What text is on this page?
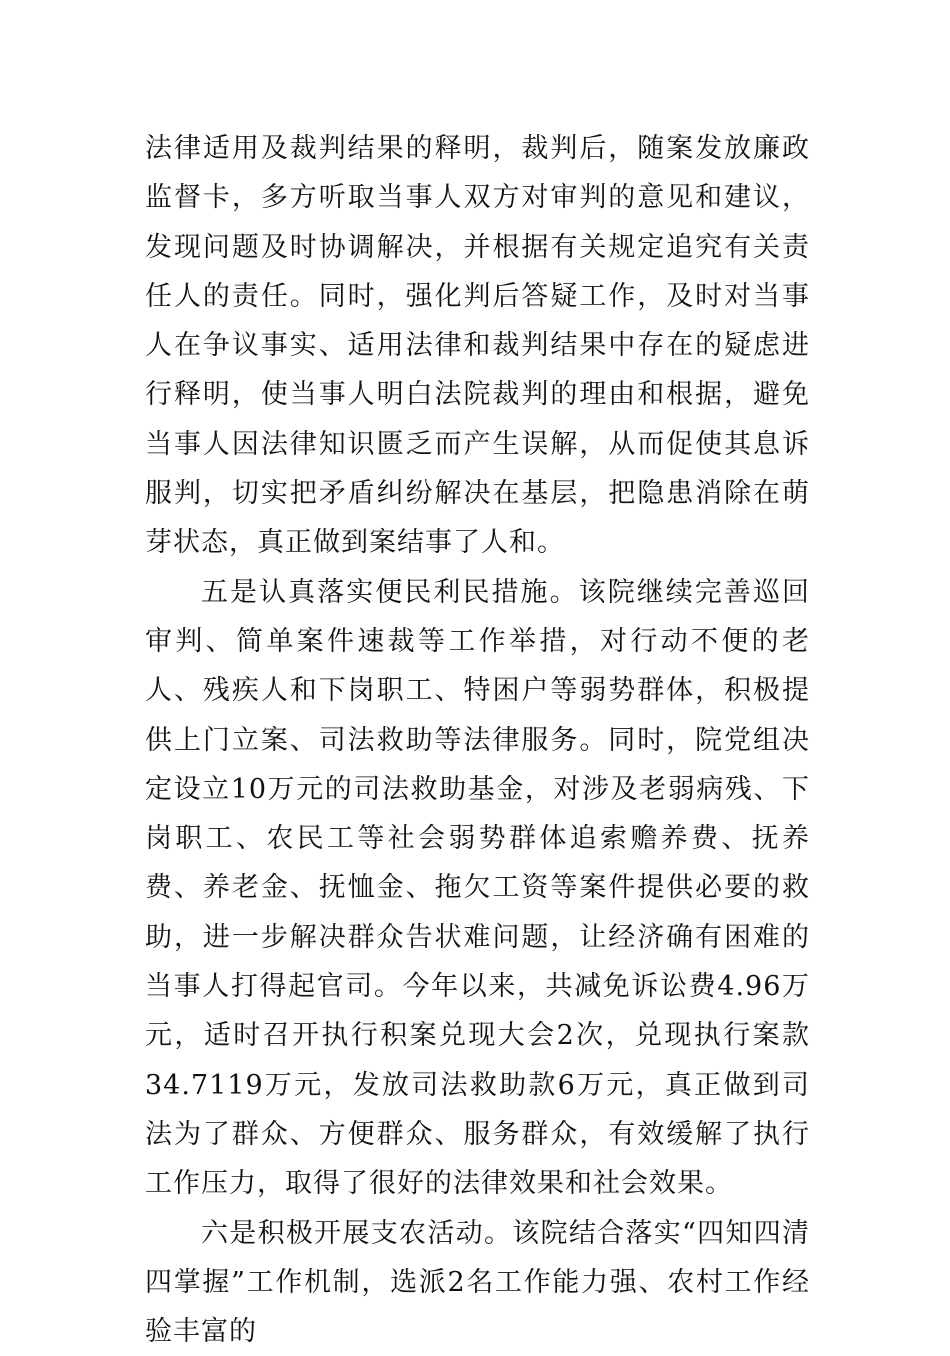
法律适用及裁判结果的释明，裁判后，随案发放廉政监督卡，多方听取当事人双方对审判的意见和建议，发现问题及时协调解决，并根据有关规定追究有关责任人的责任。同时，强化判后答疑工作，及时对当事人在争议事实、适用法律和裁判结果中存在的疑虑进行释明，使当事人明白法院裁判的理由和根据，避免当事人因法律知识匮乏而产生误解，从而促使其息诉服判，切实把矛盾纠纷解决在基层，把隐患消除在萌芽状态，真正做到案结事了人和。

五是认真落实便民利民措施。该院继续完善巡回审判、简单案件速裁等工作举措，对行动不便的老人、残疾人和下岗职工、特困户等弱势群体，积极提供上门立案、司法救助等法律服务。同时，院党组决定设立10万元的司法救助基金，对涉及老弱病残、下岗职工、农民工等社会弱势群体追索赡养费、抚养费、养老金、抚恤金、拖欠工资等案件提供必要的救助，进一步解决群众告状难问题，让经济确有困难的当事人打得起官司。今年以来，共减免诉讼费4.96万元，适时召开执行积案兑现大会2次，兑现执行案款34.7119万元，发放司法救助款6万元，真正做到司法为了群众、方便群众、服务群众，有效缓解了执行工作压力，取得了很好的法律效果和社会效果。

六是积极开展支农活动。该院结合落实“四知四清四掌握”工作机制，选派2名工作能力强、农村工作经验丰富的
